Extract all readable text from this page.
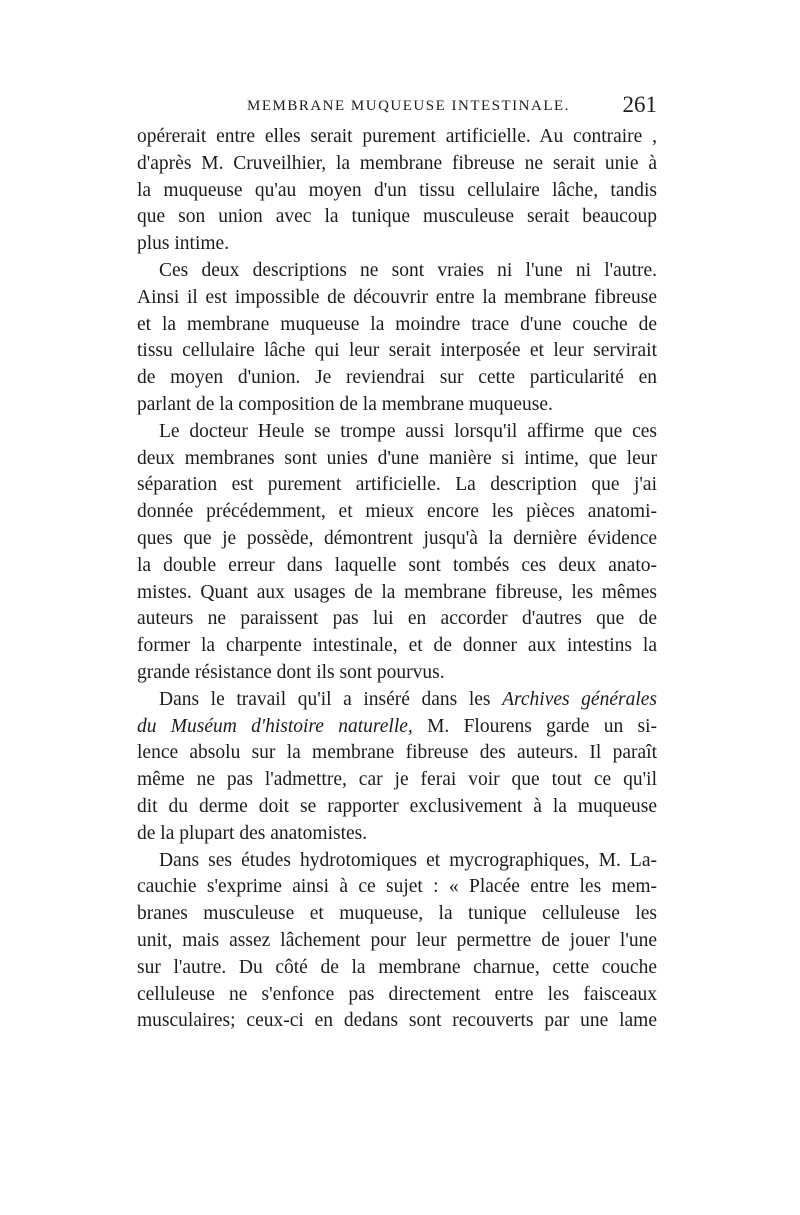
MEMBRANE MUQUEUSE INTESTINALE. 261
opérerait entre elles serait purement artificielle. Au contraire ,
d'après M. Cruveilhier, la membrane fibreuse ne serait unie à
la muqueuse qu'au moyen d'un tissu cellulaire lâche, tandis
que son union avec la tunique musculeuse serait beaucoup
plus intime.
Ces deux descriptions ne sont vraies ni l'une ni l'autre.
Ainsi il est impossible de découvrir entre la membrane fibreuse
et la membrane muqueuse la moindre trace d'une couche de
tissu cellulaire lâche qui leur serait interposée et leur servirait
de moyen d'union. Je reviendrai sur cette particularité en
parlant de la composition de la membrane muqueuse.
Le docteur Heule se trompe aussi lorsqu'il affirme que ces
deux membranes sont unies d'une manière si intime, que leur
séparation est purement artificielle. La description que j'ai
donnée précédemment, et mieux encore les pièces anatomi-
ques que je possède, démontrent jusqu'à la dernière évidence
la double erreur dans laquelle sont tombés ces deux anato-
mistes. Quant aux usages de la membrane fibreuse, les mêmes
auteurs ne paraissent pas lui en accorder d'autres que de
former la charpente intestinale, et de donner aux intestins la
grande résistance dont ils sont pourvus.
Dans le travail qu'il a inséré dans les Archives générales
du Muséum d'histoire naturelle, M. Flourens garde un si-
lence absolu sur la membrane fibreuse des auteurs. Il paraît
même ne pas l'admettre, car je ferai voir que tout ce qu'il
dit du derme doit se rapporter exclusivement à la muqueuse
de la plupart des anatomistes.
Dans ses études hydrotomiques et mycrographiques, M. La-
cauchie s'exprime ainsi à ce sujet : « Placée entre les mem-
branes musculeuse et muqueuse, la tunique celluleuse les
unit, mais assez lâchement pour leur permettre de jouer l'une
sur l'autre. Du côté de la membrane charnue, cette couche
celluleuse ne s'enfonce pas directement entre les faisceaux
musculaires; ceux-ci en dedans sont recouverts par une lame
